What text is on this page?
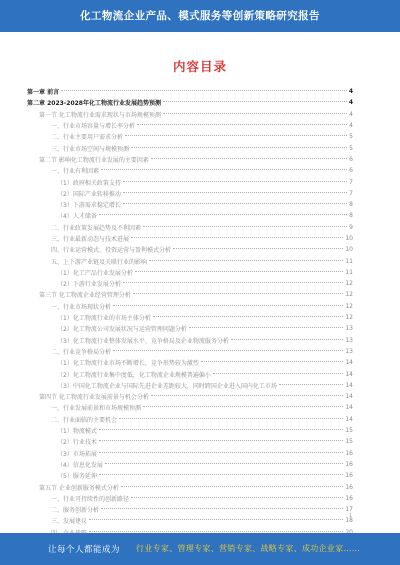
化工物流企业产品、模式服务等创新策略研究报告
内容目录
第一章 前言	4
第二章 2023-2028年化工物流行业发展趋势预测	4
第一节 化工物流行业需求现状与市场规模预测	4
一、行业市场容量与增长率分析	4
二、行业主要用户需求分析	5
三、行业市场空间与规模预测	5
第二节 影响化工物流行业发展的主要因素	6
一、行业有利因素	6
（1）政府相关政策支持	7
（2）国际产业转移推动	7
（3）下游需求稳定增长	8
（4）人才储备	8
二、行业政策发展趋势及不利因素	9
三、行业最新动态与技术进展	10
四、行业运营模式、投资运营与盈利模式分析	10
五、上下游产业链及关联行业的影响	11
（1）化工产品行业发展分析	11
（2）下游行业发展分析	12
第三节 化工物流企业经营管理分析	12
一、行业市场现状分析	12
（1）化工物流行业的市场主体分析	12
（2）化工物流公司发展状况与运营管理问题分析	13
（3）化工物流行业整体发展水平、竞争格局及企业物流服务分析	13
二、行业竞争格局分析	13
（1）化工物流行业市场不断增长，竞争形势较为激烈	14
（2）化工物流行业集中度低，化工物流企业规模普遍偏小	14
（3）中国化工物流企业与国际先进企业差距较大，同时跨国企业进入国内化工市场	14
第四节 化工物流行业发展前景与机会分析	14
一、行业发展前景和市场规模预测	14
二、行业面临的主要机会	14
（1）物流模式	15
（2）行业技术	15
（3）市场拓展	16
（4）信息化发展	16
（5）服务延伸	16
第五节 企业创新服务模式分析	16
一、行业可持续性的创新路径	16
二、服务创新分析	17
三、发展建议	18
1
让每个人都能成为 行业专家、管理专家、营销专家、战略专家、成功企业家……
